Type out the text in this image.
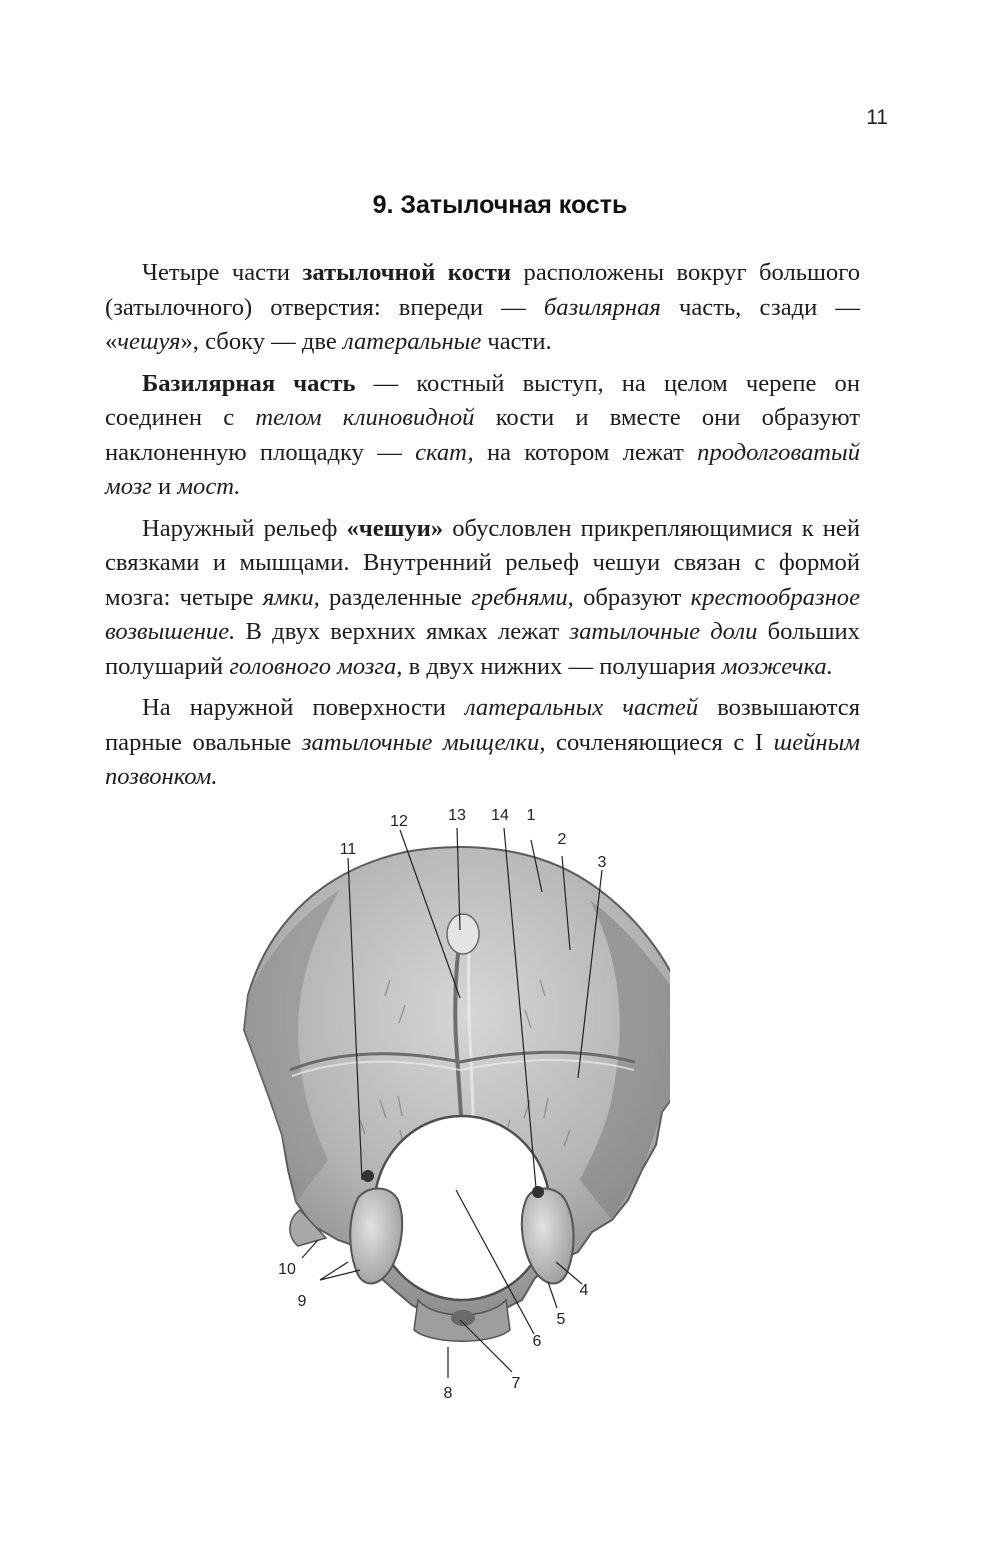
11
9. Затылочная кость

Четыре части затылочной кости расположены вокруг большого (затылочного) отверстия: впереди — базилярная часть, сзади — «чешуя», сбоку — две латеральные части.

Базилярная часть — костный выступ, на целом черепе он соединен с телом клиновидной кости и вместе они образуют наклоненную площадку — скат, на котором лежат продолговатый мозг и мост.

Наружный рельеф «чешуи» обусловлен прикрепляющимися к ней связками и мышцами. Внутренний рельеф чешуи связан с формой мозга: четыре ямки, разделенные гребнями, образуют крестообразное возвышение. В двух верхних ямках лежат затылочные доли больших полушарий головного мозга, в двух нижних — полушария мозжечка.

На наружной поверхности латеральных частей возвышаются парные овальные затылочные мыщелки, сочленяющиеся с I шейным позвонком.

1
2
3
4
5
6
7
8
9
10
11
12	13 14
